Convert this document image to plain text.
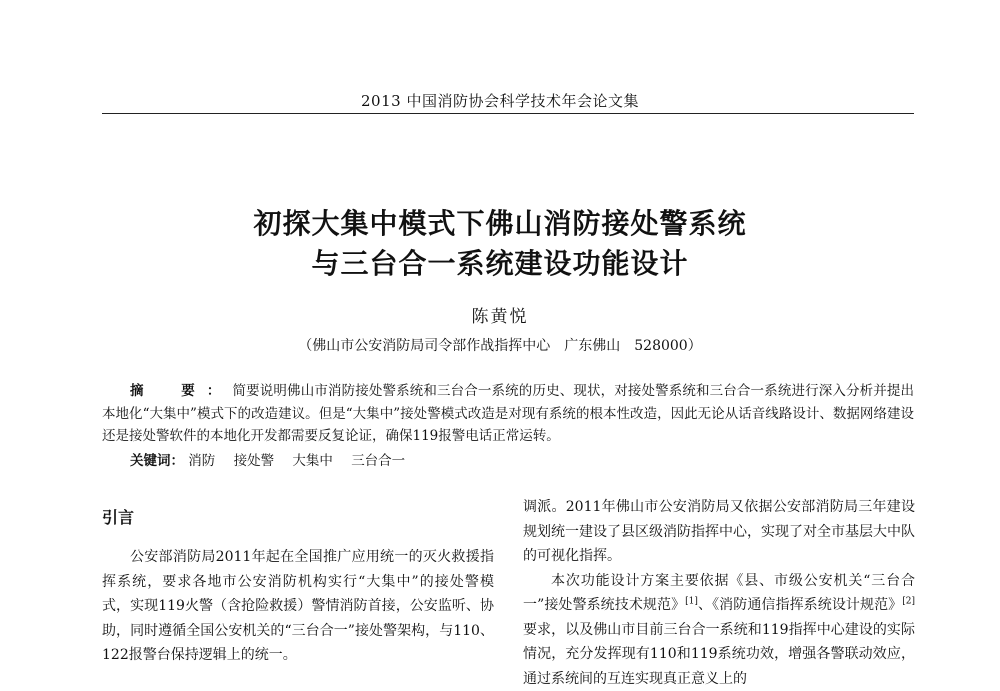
2013 中国消防协会科学技术年会论文集
初探大集中模式下佛山消防接处警系统
与三台合一系统建设功能设计
陈黄悦
（佛山市公安消防局司令部作战指挥中心　广东佛山　528000）

摘　要：简要说明佛山市消防接处警系统和三台合一系统的历史、现状，对接处警系统和三台合一系统进行深入分析并提出本地化“大集中”模式下的改造建议。但是“大集中”接处警模式改造是对现有系统的根本性改造，因此无论从话音线路设计、数据网络建设还是接处警软件的本地化开发都需要反复论证，确保119报警电话正常运转。

关键词： 消防 接处警 大集中 三台合一
引言

公安部消防局2011年起在全国推广应用统一的灭火救援指挥系统，要求各地市公安消防机构实行“大集中”的接处警模式，实现119火警（含抢险救援）警情消防首接，公安监听、协助，同时遵循全国公安机关的“三台合一”接处警架构，与110、122报警台保持逻辑上的统一。

调派。2011年佛山市公安消防局又依据公安部消防局三年建设规划统一建设了县区级消防指挥中心，实现了对全市基层大中队的可视化指挥。

本次功能设计方案主要依据《县、市级公安机关“三台合一”接处警系统技术规范》[1]、《消防通信指挥系统设计规范》[2]要求，以及佛山市目前三台合一系统和119指挥中心建设的实际情况，充分发挥现有110和119系统功效，增强各警联动效应，通过系统间的互连实现真正意义上的
